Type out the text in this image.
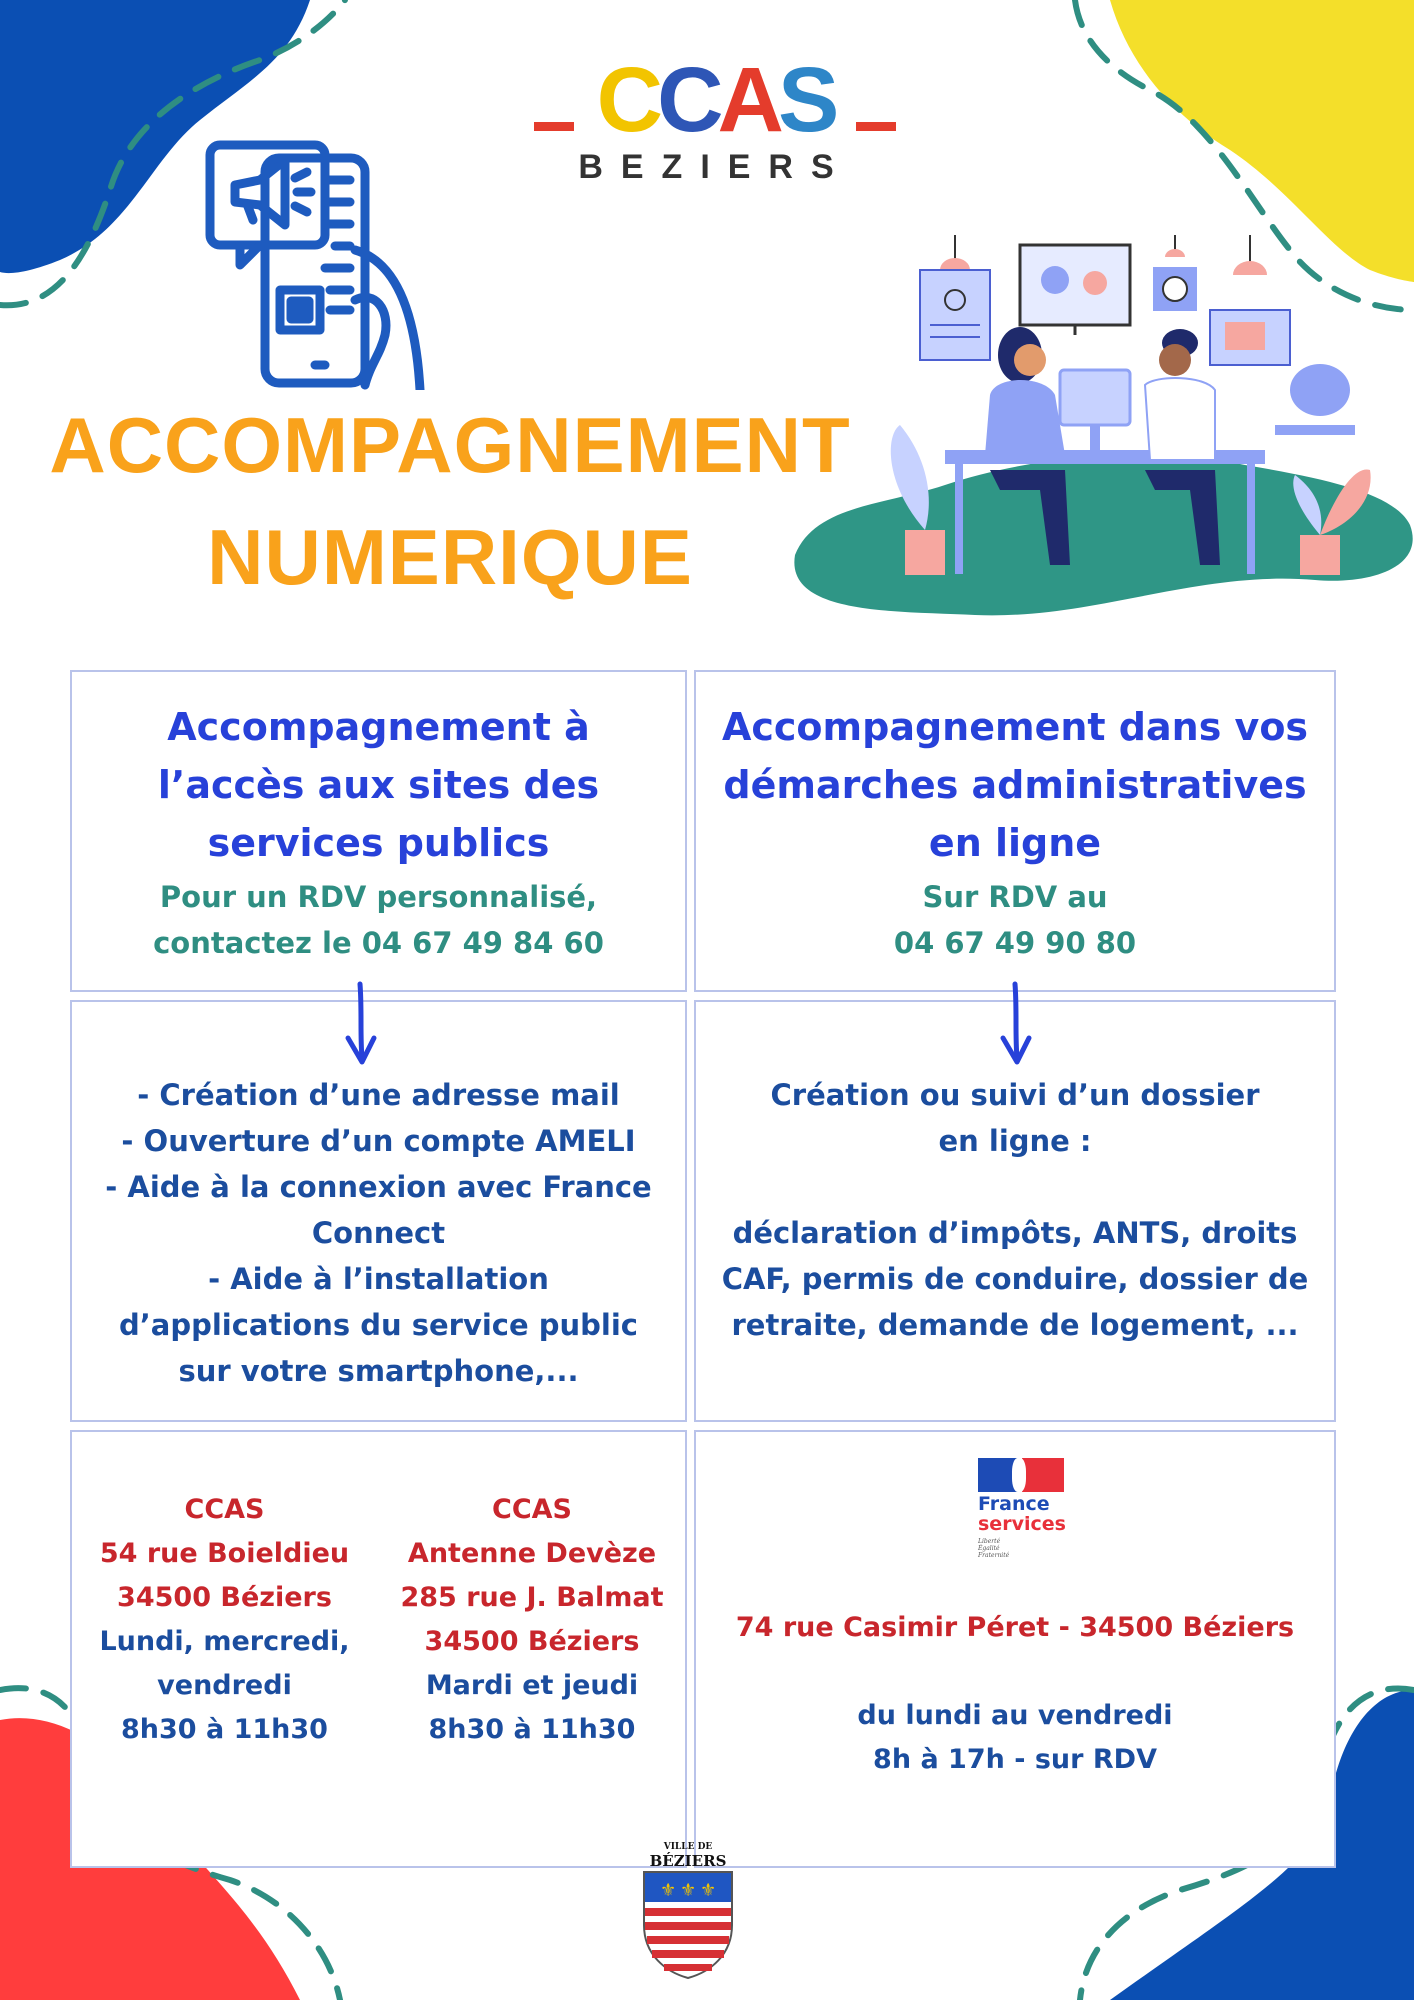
CCAS
BEZIERS
ACCOMPAGNEMENT
NUMERIQUE
Accompagnement à
l’accès aux sites des
services publics
Pour un RDV personnalisé,
contactez le 04 67 49 84 60
Accompagnement dans vos
démarches administratives
en ligne
Sur RDV au
04 67 49 90 80
- Création d’une adresse mail
- Ouverture d’un compte AMELI
- Aide à la connexion avec France
Connect
- Aide à l’installation
d’applications du service public
sur votre smartphone,...
Création ou suivi d’un dossier
en ligne :
déclaration d’impôts, ANTS, droits
CAF, permis de conduire, dossier de
retraite, demande de logement, ...
CCAS
54 rue Boieldieu
34500 Béziers
Lundi, mercredi,
vendredi
8h30 à 11h30
CCAS
Antenne Devèze
285 rue J. Balmat
34500 Béziers
Mardi et jeudi
8h30 à 11h30
France
services
Liberté
Égalité
Fraternité
74 rue Casimir Péret - 34500 Béziers
du lundi au vendredi
8h à 17h - sur RDV
VILLE DE
BÉZIERS
⚜ ⚜ ⚜
